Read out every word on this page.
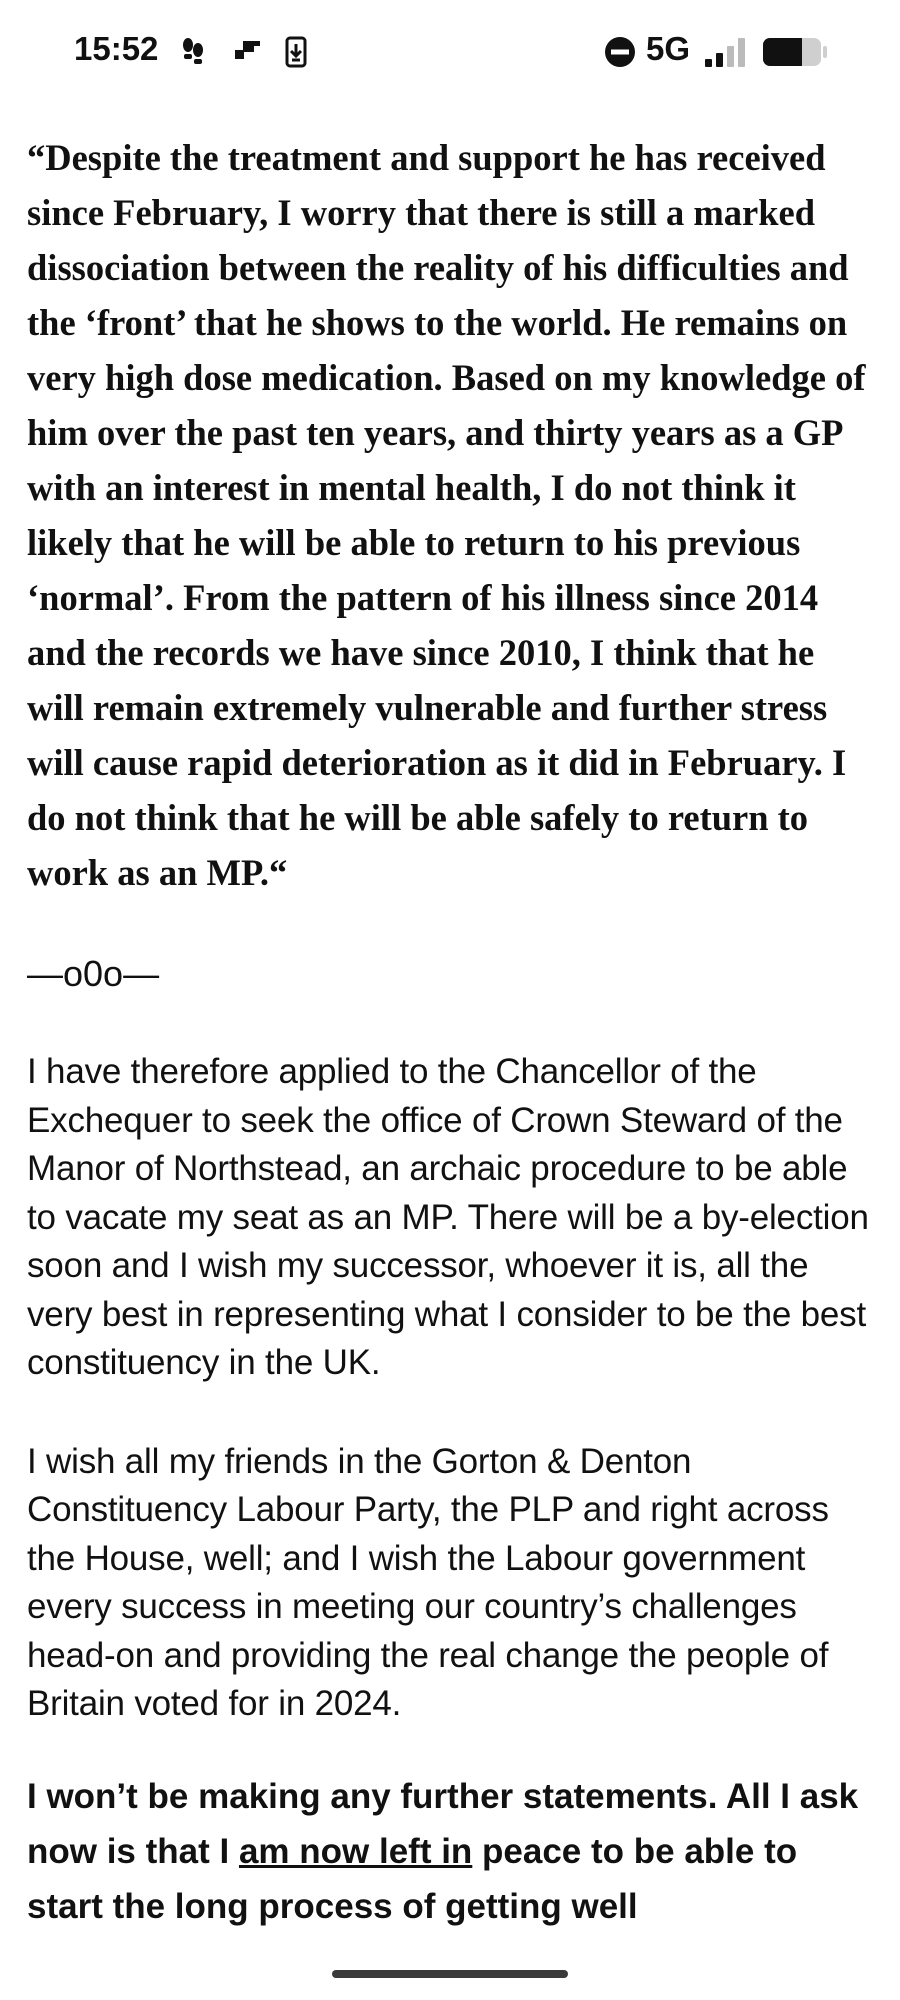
15:52	5G

“Despite the treatment and support he has received since February, I worry that there is still a marked dissociation between the reality of his difficulties and the ‘front’ that he shows to the world. He remains on very high dose medication. Based on my knowledge of him over the past ten years, and thirty years as a GP with an interest in mental health, I do not think it likely that he will be able to return to his previous ‘normal’. From the pattern of his illness since 2014 and the records we have since 2010, I think that he will remain extremely vulnerable and further stress will cause rapid deterioration as it did in February. I do not think that he will be able safely to return to work as an MP.“

—o0o—

I have therefore applied to the Chancellor of the Exchequer to seek the office of Crown Steward of the Manor of Northstead, an archaic procedure to be able to vacate my seat as an MP. There will be a by-election soon and I wish my successor, whoever it is, all the very best in representing what I consider to be the best constituency in the UK.

I wish all my friends in the Gorton & Denton Constituency Labour Party, the PLP and right across the House, well; and I wish the Labour government every success in meeting our country’s challenges head-on and providing the real change the people of Britain voted for in 2024.

I won’t be making any further statements. All I ask now is that I am now left in peace to be able to start the long process of getting well
